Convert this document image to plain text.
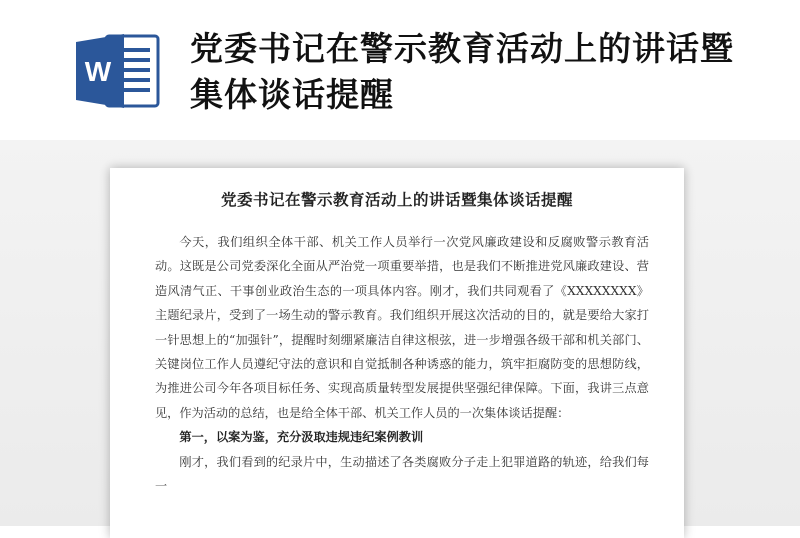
W
党委书记在警示教育活动上的讲话暨集体谈话提醒
党委书记在警示教育活动上的讲话暨集体谈话提醒

今天，我们组织全体干部、机关工作人员举行一次党风廉政建设和反腐败警示教育活动。这既是公司党委深化全面从严治党一项重要举措，也是我们不断推进党风廉政建设、营造风清气正、干事创业政治生态的一项具体内容。刚才，我们共同观看了《XXXXXXXX》主题纪录片，受到了一场生动的警示教育。我们组织开展这次活动的目的，就是要给大家打一针思想上的“加强针”，提醒时刻绷紧廉洁自律这根弦，进一步增强各级干部和机关部门、关键岗位工作人员遵纪守法的意识和自觉抵制各种诱惑的能力，筑牢拒腐防变的思想防线，为推进公司今年各项目标任务、实现高质量转型发展提供坚强纪律保障。下面，我讲三点意见，作为活动的总结，也是给全体干部、机关工作人员的一次集体谈话提醒：

第一，以案为鉴，充分汲取违规违纪案例教训

刚才，我们看到的纪录片中，生动描述了各类腐败分子走上犯罪道路的轨迹，给我们每一
